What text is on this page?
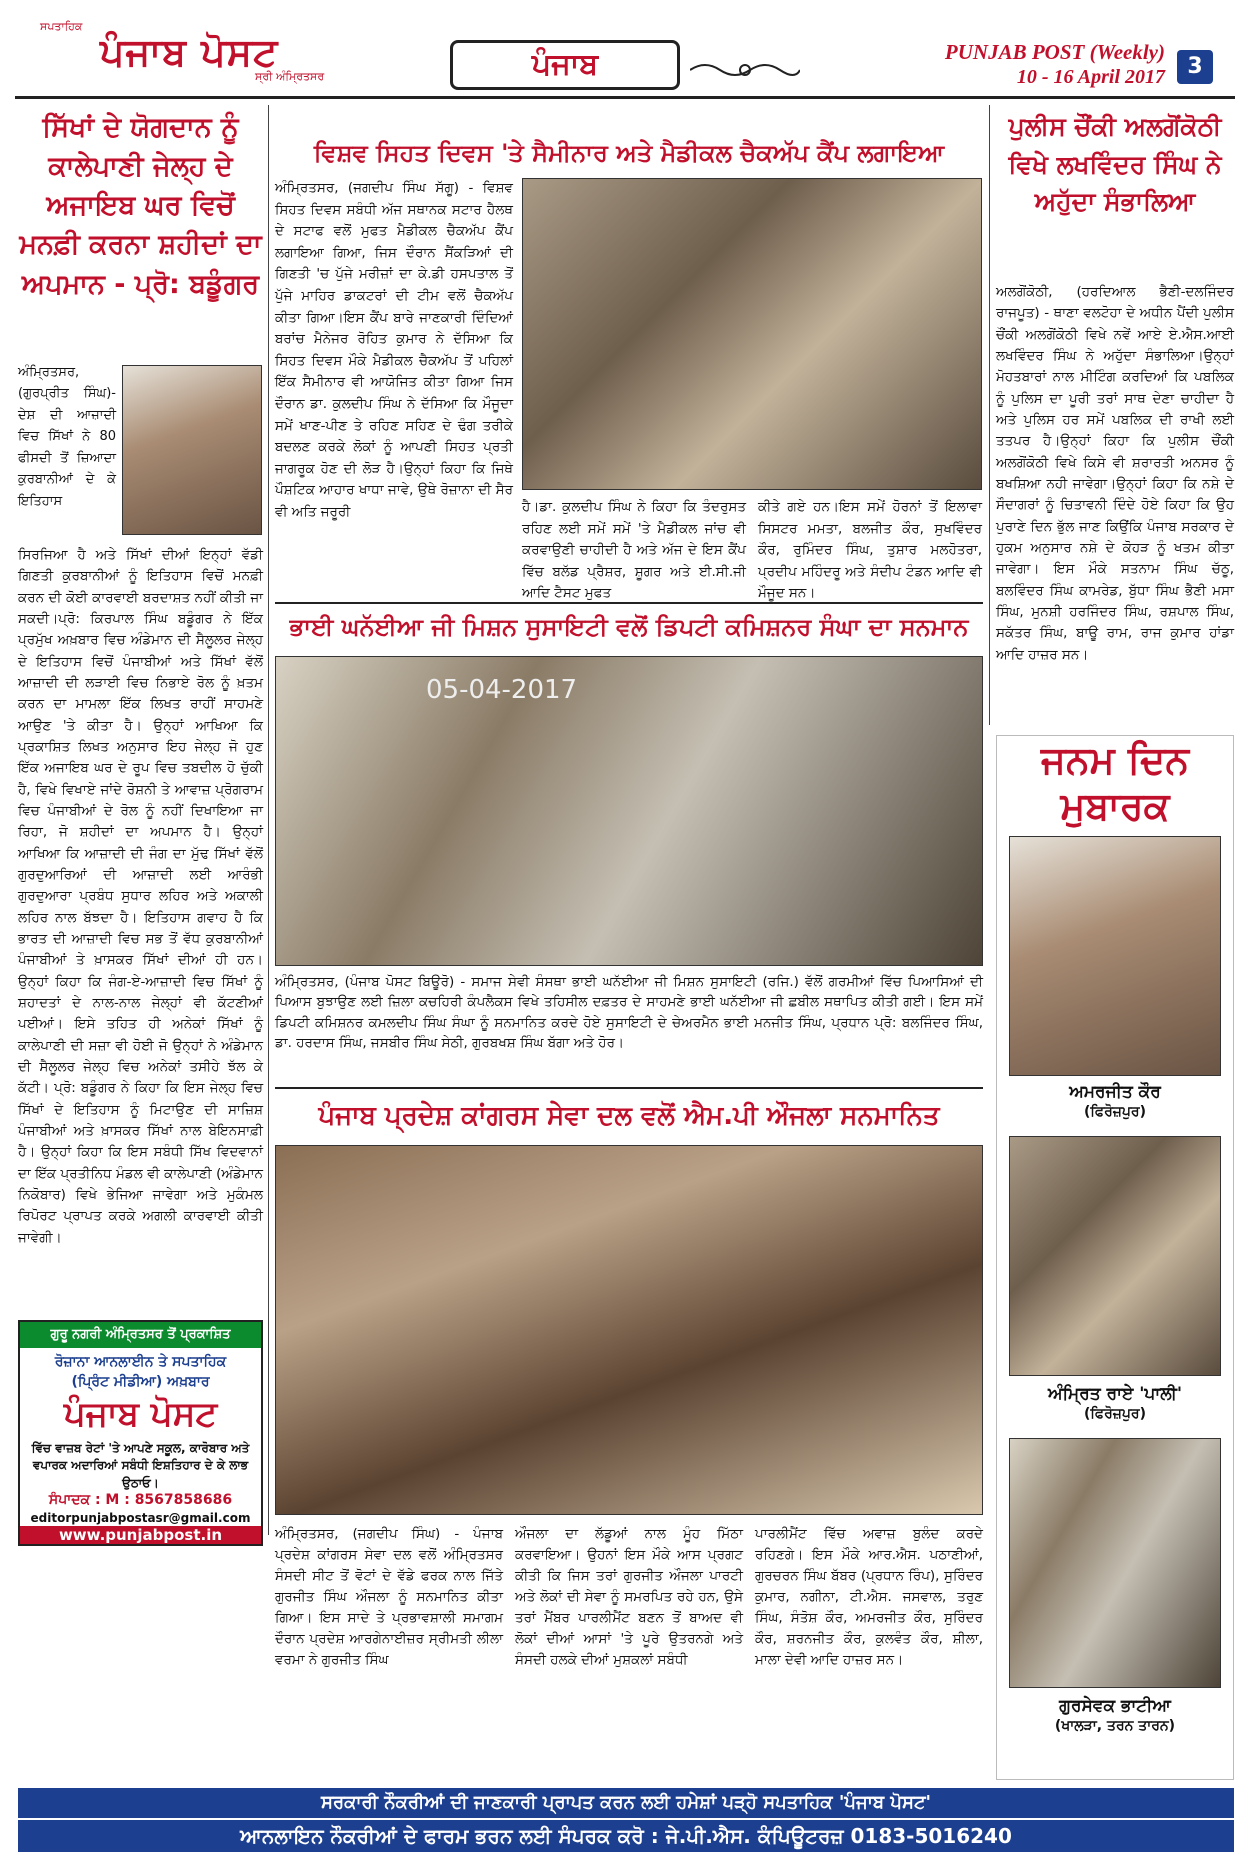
ਸਪਤਾਹਿਕ
ਪੰਜਾਬ ਪੋਸਟ
ਸ੍ਰੀ ਅੰਮ੍ਰਿਤਸਰ	ਪੰਜਾਬ	PUNJAB POST (Weekly)
10 - 16 April 2017	3
ਸਿੱਖਾਂ ਦੇ ਯੋਗਦਾਨ ਨੂੰ ਕਾਲੇਪਾਣੀ ਜੇਲ੍ਹ ਦੇ ਅਜਾਇਬ ਘਰ ਵਿਚੋਂ ਮਨਫ਼ੀ ਕਰਨਾ ਸ਼ਹੀਦਾਂ ਦਾ ਅਪਮਾਨ - ਪ੍ਰੋ: ਬਡੂੰਗਰ
ਅੰਮ੍ਰਿਤਸਰ, (ਗੁਰਪ੍ਰੀਤ ਸਿੰਘ)- ਦੇਸ਼ ਦੀ ਆਜ਼ਾਦੀ ਵਿਚ ਸਿੱਖਾਂ ਨੇ 80 ਫੀਸਦੀ ਤੋਂ ਜ਼ਿਆਦਾ ਕੁਰਬਾਨੀਆਂ ਦੇ ਕੇ ਇਤਿਹਾਸ
ਸਿਰਜਿਆ ਹੈ ਅਤੇ ਸਿੱਖਾਂ ਦੀਆਂ ਇਨ੍ਹਾਂ ਵੱਡੀ ਗਿਣਤੀ ਕੁਰਬਾਨੀਆਂ ਨੂੰ ਇਤਿਹਾਸ ਵਿਚੋਂ ਮਨਫ਼ੀ ਕਰਨ ਦੀ ਕੋਈ ਕਾਰਵਾਈ ਬਰਦਾਸ਼ਤ ਨਹੀਂ ਕੀਤੀ ਜਾ ਸਕਦੀ।ਪ੍ਰੋ: ਕਿਰਪਾਲ ਸਿੰਘ ਬਡੂੰਗਰ ਨੇ ਇੱਕ ਪ੍ਰਮੁੱਖ ਅਖ਼ਬਾਰ ਵਿਚ ਅੰਡੇਮਾਨ ਦੀ ਸੈਲੂਲਰ ਜੇਲ੍ਹ ਦੇ ਇਤਿਹਾਸ ਵਿਚੋਂ ਪੰਜਾਬੀਆਂ ਅਤੇ ਸਿੱਖਾਂ ਵੱਲੋਂ ਆਜ਼ਾਦੀ ਦੀ ਲੜਾਈ ਵਿਚ ਨਿਭਾਏ ਰੋਲ ਨੂੰ ਖ਼ਤਮ ਕਰਨ ਦਾ ਮਾਮਲਾ ਇੱਕ ਲਿਖਤ ਰਾਹੀਂ ਸਾਹਮਣੇ ਆਉਣ 'ਤੇ ਕੀਤਾ ਹੈ। ਉਨ੍ਹਾਂ ਆਖਿਆ ਕਿ ਪ੍ਰਕਾਸ਼ਿਤ ਲਿਖਤ ਅਨੁਸਾਰ ਇਹ ਜੇਲ੍ਹ ਜੋ ਹੁਣ ਇੱਕ ਅਜਾਇਬ ਘਰ ਦੇ ਰੂਪ ਵਿਚ ਤਬਦੀਲ ਹੋ ਚੁੱਕੀ ਹੈ, ਵਿਖੇ ਵਿਖਾਏ ਜਾਂਦੇ ਰੋਸ਼ਨੀ ਤੇ ਆਵਾਜ਼ ਪ੍ਰੋਗਰਾਮ ਵਿਚ ਪੰਜਾਬੀਆਂ ਦੇ ਰੋਲ ਨੂੰ ਨਹੀਂ ਦਿਖਾਇਆ ਜਾ ਰਿਹਾ, ਜੋ ਸ਼ਹੀਦਾਂ ਦਾ ਅਪਮਾਨ ਹੈ। ਉਨ੍ਹਾਂ ਆਖਿਆ ਕਿ ਆਜ਼ਾਦੀ ਦੀ ਜੰਗ ਦਾ ਮੁੱਢ ਸਿੱਖਾਂ ਵੱਲੋਂ ਗੁਰਦੁਆਰਿਆਂ ਦੀ ਆਜ਼ਾਦੀ ਲਈ ਆਰੰਭੀ ਗੁਰਦੁਆਰਾ ਪ੍ਰਬੰਧ ਸੁਧਾਰ ਲਹਿਰ ਅਤੇ ਅਕਾਲੀ ਲਹਿਰ ਨਾਲ ਬੱਝਦਾ ਹੈ। ਇਤਿਹਾਸ ਗਵਾਹ ਹੈ ਕਿ ਭਾਰਤ ਦੀ ਆਜ਼ਾਦੀ ਵਿਚ ਸਭ ਤੋਂ ਵੱਧ ਕੁਰਬਾਨੀਆਂ ਪੰਜਾਬੀਆਂ ਤੇ ਖ਼ਾਸਕਰ ਸਿੱਖਾਂ ਦੀਆਂ ਹੀ ਹਨ। ਉਨ੍ਹਾਂ ਕਿਹਾ ਕਿ ਜੰਗ-ਏ-ਆਜ਼ਾਦੀ ਵਿਚ ਸਿੱਖਾਂ ਨੂੰ ਸ਼ਹਾਦਤਾਂ ਦੇ ਨਾਲ-ਨਾਲ ਜੇਲ੍ਹਾਂ ਵੀ ਕੱਟਣੀਆਂ ਪਈਆਂ। ਇਸੇ ਤਹਿਤ ਹੀ ਅਨੇਕਾਂ ਸਿੱਖਾਂ ਨੂੰ ਕਾਲੇਪਾਣੀ ਦੀ ਸਜ਼ਾ ਵੀ ਹੋਈ ਜੋ ਉਨ੍ਹਾਂ ਨੇ ਅੰਡੇਮਾਨ ਦੀ ਸੈਲੂਲਰ ਜੇਲ੍ਹ ਵਿਚ ਅਨੇਕਾਂ ਤਸੀਹੇ ਝੱਲ ਕੇ ਕੱਟੀ। ਪ੍ਰੋ: ਬਡੂੰਗਰ ਨੇ ਕਿਹਾ ਕਿ ਇਸ ਜੇਲ੍ਹ ਵਿਚ ਸਿੱਖਾਂ ਦੇ ਇਤਿਹਾਸ ਨੂੰ ਮਿਟਾਉਣ ਦੀ ਸਾਜ਼ਿਸ਼ ਪੰਜਾਬੀਆਂ ਅਤੇ ਖ਼ਾਸਕਰ ਸਿੱਖਾਂ ਨਾਲ ਬੇਇਨਸਾਫ਼ੀ ਹੈ। ਉਨ੍ਹਾਂ ਕਿਹਾ ਕਿ ਇਸ ਸਬੰਧੀ ਸਿੱਖ ਵਿਦਵਾਨਾਂ ਦਾ ਇੱਕ ਪ੍ਰਤੀਨਿਧ ਮੰਡਲ ਵੀ ਕਾਲੇਪਾਣੀ (ਅੰਡੇਮਾਨ ਨਿਕੋਬਾਰ) ਵਿਖੇ ਭੇਜਿਆ ਜਾਵੇਗਾ ਅਤੇ ਮੁਕੰਮਲ ਰਿਪੋਰਟ ਪ੍ਰਾਪਤ ਕਰਕੇ ਅਗਲੀ ਕਾਰਵਾਈ ਕੀਤੀ ਜਾਵੇਗੀ।
ਗੁਰੂ ਨਗਰੀ ਅੰਮ੍ਰਿਤਸਰ ਤੋਂ ਪ੍ਰਕਾਸ਼ਿਤ
ਰੋਜ਼ਾਨਾ ਆਨਲਾਈਨ ਤੇ ਸਪਤਾਹਿਕ
(ਪ੍ਰਿੰਟ ਮੀਡੀਆ) ਅਖ਼ਬਾਰ
ਪੰਜਾਬ ਪੋਸਟ
ਵਿੱਚ ਵਾਜ਼ਬ ਰੇਟਾਂ 'ਤੇ ਆਪਣੇ ਸਕੂਲ, ਕਾਰੋਬਾਰ ਅਤੇ ਵਪਾਰਕ ਅਦਾਰਿਆਂ ਸਬੰਧੀ ਇਸ਼ਤਿਹਾਰ ਦੇ ਕੇ ਲਾਭ ਉਠਾਓ।
ਸੰਪਾਦਕ : M : 8567858686
editorpunjabpostasr@gmail.com
www.punjabpost.in
ਵਿਸ਼ਵ ਸਿਹਤ ਦਿਵਸ 'ਤੇ ਸੈਮੀਨਾਰ ਅਤੇ ਮੈਡੀਕਲ ਚੈਕਅੱਪ ਕੈਂਪ ਲਗਾਇਆ
ਅੰਮ੍ਰਿਤਸਰ, (ਜਗਦੀਪ ਸਿੰਘ ਸੱਗੂ) - ਵਿਸ਼ਵ ਸਿਹਤ ਦਿਵਸ ਸਬੰਧੀ ਅੱਜ ਸਥਾਨਕ ਸਟਾਰ ਹੈਲਥ ਦੇ ਸਟਾਫ ਵਲੋਂ ਮੁਫਤ ਮੈਡੀਕਲ ਚੈਕਅੱਪ ਕੈਂਪ ਲਗਾਇਆ ਗਿਆ, ਜਿਸ ਦੌਰਾਨ ਸੈਂਕੜਿਆਂ ਦੀ ਗਿਣਤੀ 'ਚ ਪੁੱਜੇ ਮਰੀਜ਼ਾਂ ਦਾ ਕੇ.ਡੀ ਹਸਪਤਾਲ ਤੋਂ ਪੁੱਜੇ ਮਾਹਿਰ ਡਾਕਟਰਾਂ ਦੀ ਟੀਮ ਵਲੋਂ ਚੈਕਅੱਪ ਕੀਤਾ ਗਿਆ।ਇਸ ਕੈਂਪ ਬਾਰੇ ਜਾਣਕਾਰੀ ਦਿੰਦਿਆਂ ਬਰਾਂਚ ਮੈਨੇਜਰ ਰੋਹਿਤ ਕੁਮਾਰ ਨੇ ਦੱਸਿਆ ਕਿ ਸਿਹਤ ਦਿਵਸ ਮੌਕੇ ਮੈਡੀਕਲ ਚੈਕਅੱਪ ਤੋਂ ਪਹਿਲਾਂ ਇੱਕ ਸੈਮੀਨਾਰ ਵੀ ਆਯੋਜਿਤ ਕੀਤਾ ਗਿਆ ਜਿਸ ਦੌਰਾਨ ਡਾ. ਕੁਲਦੀਪ ਸਿੰਘ ਨੇ ਦੱਸਿਆ ਕਿ ਮੌਜੂਦਾ ਸਮੇਂ ਖਾਣ-ਪੀਣ ਤੇ ਰਹਿਣ ਸਹਿਣ ਦੇ ਢੰਗ ਤਰੀਕੇ ਬਦਲਣ ਕਰਕੇ ਲੋਕਾਂ ਨੂੰ ਆਪਣੀ ਸਿਹਤ ਪ੍ਰਤੀ ਜਾਗਰੂਕ ਹੋਣ ਦੀ ਲੋੜ ਹੈ।ਉਨ੍ਹਾਂ ਕਿਹਾ ਕਿ ਜਿਥੇ ਪੌਸ਼ਟਿਕ ਆਹਾਰ ਖਾਧਾ ਜਾਵੇ, ਉਥੇ ਰੋਜ਼ਾਨਾ ਦੀ ਸੈਰ ਵੀ ਅਤਿ ਜਰੂਰੀ	ਹੈ।ਡਾ. ਕੁਲਦੀਪ ਸਿੰਘ ਨੇ ਕਿਹਾ ਕਿ ਤੰਦਰੁਸਤ ਰਹਿਣ ਲਈ ਸਮੇਂ ਸਮੇਂ 'ਤੇ ਮੈਡੀਕਲ ਜਾਂਚ ਵੀ ਕਰਵਾਉਣੀ ਚਾਹੀਦੀ ਹੈ ਅਤੇ ਅੱਜ ਦੇ ਇਸ ਕੈਂਪ ਵਿੱਚ ਬਲੱਡ ਪ੍ਰੈਸ਼ਰ, ਸ਼ੂਗਰ ਅਤੇ ਈ.ਸੀ.ਜੀ ਆਦਿ ਟੈਸਟ ਮੁਫਤ
ਕੀਤੇ ਗਏ ਹਨ।ਇਸ ਸਮੇਂ ਹੋਰਨਾਂ ਤੋਂ ਇਲਾਵਾ ਸਿਸਟਰ ਮਮਤਾ, ਬਲਜੀਤ ਕੌਰ, ਸੁਖਵਿੰਦਰ ਕੌਰ, ਰੁਮਿੰਦਰ ਸਿੰਘ, ਤੁਸ਼ਾਰ ਮਲਹੋਤਰਾ, ਪ੍ਰਦੀਪ ਮਹਿੰਦਰੂ ਅਤੇ ਸੰਦੀਪ ਟੰਡਨ ਆਦਿ ਵੀ ਮੌਜੂਦ ਸਨ।
ਭਾਈ ਘਨੱਈਆ ਜੀ ਮਿਸ਼ਨ ਸੁਸਾਇਟੀ ਵਲੋਂ ਡਿਪਟੀ ਕਮਿਸ਼ਨਰ ਸੰਘਾ ਦਾ ਸਨਮਾਨ
05-04-2017
ਅੰਮ੍ਰਿਤਸਰ, (ਪੰਜਾਬ ਪੋਸਟ ਬਿਊਰੋ) - ਸਮਾਜ ਸੇਵੀ ਸੰਸਥਾ ਭਾਈ ਘਨੱਈਆ ਜੀ ਮਿਸ਼ਨ ਸੁਸਾਇਟੀ (ਰਜਿ.) ਵੱਲੋਂ ਗਰਮੀਆਂ ਵਿੱਚ ਪਿਆਸਿਆਂ ਦੀ ਪਿਆਸ ਬੁਝਾਉਣ ਲਈ ਜ਼ਿਲਾ ਕਚਹਿਰੀ ਕੰਪਲੈਕਸ ਵਿਖੇ ਤਹਿਸੀਲ ਦਫ਼ਤਰ ਦੇ ਸਾਹਮਣੇ ਭਾਈ ਘਨੱਈਆ ਜੀ ਛਬੀਲ ਸਥਾਪਿਤ ਕੀਤੀ ਗਈ। ਇਸ ਸਮੇਂ ਡਿਪਟੀ ਕਮਿਸ਼ਨਰ ਕਮਲਦੀਪ ਸਿੰਘ ਸੰਘਾ ਨੂੰ ਸਨਮਾਨਿਤ ਕਰਦੇ ਹੋਏ ਸੁਸਾਇਟੀ ਦੇ ਚੇਅਰਮੈਨ ਭਾਈ ਮਨਜੀਤ ਸਿੰਘ, ਪ੍ਰਧਾਨ ਪ੍ਰੋ: ਬਲਜਿੰਦਰ ਸਿੰਘ, ਡਾ. ਹਰਦਾਸ ਸਿੰਘ, ਜਸਬੀਰ ਸਿੰਘ ਸੇਠੀ, ਗੁਰਬਖਸ਼ ਸਿੰਘ ਬੱਗਾ ਅਤੇ ਹੋਰ।
ਪੰਜਾਬ ਪ੍ਰਦੇਸ਼ ਕਾਂਗਰਸ ਸੇਵਾ ਦਲ ਵਲੋਂ ਐਮ.ਪੀ ਔਜਲਾ ਸਨਮਾਨਿਤ
ਅੰਮ੍ਰਿਤਸਰ, (ਜਗਦੀਪ ਸਿੰਘ) - ਪੰਜਾਬ ਪ੍ਰਦੇਸ਼ ਕਾਂਗਰਸ ਸੇਵਾ ਦਲ ਵਲੋਂ ਅੰਮ੍ਰਿਤਸਰ ਸੰਸਦੀ ਸੀਟ ਤੋਂ ਵੋਟਾਂ ਦੇ ਵੱਡੇ ਫਰਕ ਨਾਲ ਜਿੱਤੇ ਗੁਰਜੀਤ ਸਿੰਘ ਔਜਲਾ ਨੂੰ ਸਨਮਾਨਿਤ ਕੀਤਾ ਗਿਆ। ਇਸ ਸਾਦੇ ਤੇ ਪ੍ਰਭਾਵਸ਼ਾਲੀ ਸਮਾਗਮ ਦੌਰਾਨ ਪ੍ਰਦੇਸ਼ ਆਰਗੇਨਾਈਜ਼ਰ ਸ੍ਰੀਮਤੀ ਲੀਲਾ ਵਰਮਾ ਨੇ ਗੁਰਜੀਤ ਸਿੰਘ
ਔਜਲਾ ਦਾ ਲੱਡੂਆਂ ਨਾਲ ਮੂੰਹ ਮਿੱਠਾ ਕਰਵਾਇਆ। ਉਹਨਾਂ ਇਸ ਮੌਕੇ ਆਸ ਪ੍ਰਗਟ ਕੀਤੀ ਕਿ ਜਿਸ ਤਰਾਂ ਗੁਰਜੀਤ ਔਜਲਾ ਪਾਰਟੀ ਅਤੇ ਲੋਕਾਂ ਦੀ ਸੇਵਾ ਨੂੰ ਸਮਰਪਿਤ ਰਹੇ ਹਨ, ਉਸੇ ਤਰਾਂ ਮੈਂਬਰ ਪਾਰਲੀਮੈਂਟ ਬਣਨ ਤੋਂ ਬਾਅਦ ਵੀ ਲੋਕਾਂ ਦੀਆਂ ਆਸਾਂ 'ਤੇ ਪੂਰੇ ਉਤਰਨਗੇ ਅਤੇ ਸੰਸਦੀ ਹਲਕੇ ਦੀਆਂ ਮੁਸ਼ਕਲਾਂ ਸਬੰਧੀ
ਪਾਰਲੀਮੈਂਟ ਵਿੱਚ ਅਵਾਜ਼ ਬੁਲੰਦ ਕਰਦੇ ਰਹਿਣਗੇ। ਇਸ ਮੌਕੇ ਆਰ.ਐਸ. ਪਠਾਣੀਆਂ, ਗੁਰਚਰਨ ਸਿੰਘ ਬੱਬਰ (ਪ੍ਰਧਾਨ ਰਿੰਪ), ਸੁਰਿੰਦਰ ਕੁਮਾਰ, ਨਗੀਨਾ, ਟੀ.ਐਸ. ਜਸਵਾਲ, ਤਰੁਣ ਸਿੰਘ, ਸੰਤੋਸ਼ ਕੌਰ, ਅਮਰਜੀਤ ਕੌਰ, ਸੁਰਿੰਦਰ ਕੌਰ, ਸ਼ਰਨਜੀਤ ਕੌਰ, ਕੁਲਵੰਤ ਕੌਰ, ਸ਼ੀਲਾ, ਮਾਲਾ ਦੇਵੀ ਆਦਿ ਹਾਜ਼ਰ ਸਨ।
ਪੁਲੀਸ ਚੌਂਕੀ ਅਲਗੋਂਕੋਠੀ ਵਿਖੇ ਲਖਵਿੰਦਰ ਸਿੰਘ ਨੇ ਅਹੁੱਦਾ ਸੰਭਾਲਿਆ
ਅਲਗੋਂਕੋਠੀ, (ਹਰਦਿਆਲ ਭੈਣੀ-ਦਲਜਿੰਦਰ ਰਾਜਪੂਤ) - ਥਾਣਾ ਵਲਟੋਹਾ ਦੇ ਅਧੀਨ ਪੈਂਦੀ ਪੁਲੀਸ ਚੌਂਕੀ ਅਲਗੋਂਕੋਠੀ ਵਿਖੇ ਨਵੇਂ ਆਏ ਏ.ਐਸ.ਆਈ ਲਖਵਿੰਦਰ ਸਿੰਘ ਨੇ ਅਹੁੱਦਾ ਸੰਭਾਲਿਆ।ਉਨ੍ਹਾਂ ਮੋਹਤਬਾਰਾਂ ਨਾਲ ਮੀਟਿੰਗ ਕਰਦਿਆਂ ਕਿ ਪਬਲਿਕ ਨੂੰ ਪੁਲਿਸ ਦਾ ਪੂਰੀ ਤਰਾਂ ਸਾਥ ਦੇਣਾ ਚਾਹੀਦਾ ਹੈ ਅਤੇ ਪੁਲਿਸ ਹਰ ਸਮੇਂ ਪਬਲਿਕ ਦੀ ਰਾਖੀ ਲਈ ਤਤਪਰ ਹੈ।ਉਨ੍ਹਾਂ ਕਿਹਾ ਕਿ ਪੁਲੀਸ ਚੌਂਕੀ ਅਲਗੋਂਕੋਠੀ ਵਿਖੇ ਕਿਸੇ ਵੀ ਸ਼ਰਾਰਤੀ ਅਨਸਰ ਨੂੰ ਬਖਸ਼ਿਆ ਨਹੀ ਜਾਵੇਗਾ।ਉਨ੍ਹਾਂ ਕਿਹਾ ਕਿ ਨਸ਼ੇ ਦੇ ਸੌਦਾਗਰਾਂ ਨੂੰ ਚਿਤਾਵਨੀ ਦਿੰਦੇ ਹੋਏ ਕਿਹਾ ਕਿ ਉਹ ਪੁਰਾਣੇ ਦਿਨ ਭੁੱਲ ਜਾਣ ਕਿਉਂਕਿ ਪੰਜਾਬ ਸਰਕਾਰ ਦੇ ਹੁਕਮ ਅਨੁਸਾਰ ਨਸ਼ੇ ਦੇ ਕੋਹੜ ਨੂੰ ਖਤਮ ਕੀਤਾ ਜਾਵੇਗਾ। ਇਸ ਮੌਕੇ ਸਤਨਾਮ ਸਿੰਘ ਚੱਠੂ, ਬਲਵਿੰਦਰ ਸਿੰਘ ਕਾਮਰੇਡ, ਬੁੱਧਾ ਸਿੰਘ ਭੈਣੀ ਮਸਾ ਸਿੰਘ, ਮੁਨਸ਼ੀ ਹਰਜਿੰਦਰ ਸਿੰਘ, ਰਸ਼ਪਾਲ ਸਿੰਘ, ਸਕੱਤਰ ਸਿੰਘ, ਬਾਊ ਰਾਮ, ਰਾਜ ਕੁਮਾਰ ਹਾਂਡਾ ਆਦਿ ਹਾਜ਼ਰ ਸਨ।
ਜਨਮ ਦਿਨ ਮੁਬਾਰਕ
ਅਮਰਜੀਤ ਕੌਰ
(ਫਿਰੋਜ਼ਪੁਰ)
ਅੰਮ੍ਰਿਤ ਰਾਏ 'ਪਾਲੀ'
(ਫਿਰੋਜ਼ਪੁਰ)
ਗੁਰਸੇਵਕ ਭਾਟੀਆ
(ਖਾਲੜਾ, ਤਰਨ ਤਾਰਨ)
ਸਰਕਾਰੀ ਨੌਕਰੀਆਂ ਦੀ ਜਾਣਕਾਰੀ ਪ੍ਰਾਪਤ ਕਰਨ ਲਈ ਹਮੇਸ਼ਾਂ ਪੜ੍ਹੋ ਸਪਤਾਹਿਕ 'ਪੰਜਾਬ ਪੋਸਟ'
ਆਨਲਾਇਨ ਨੌਕਰੀਆਂ ਦੇ ਫਾਰਮ ਭਰਨ ਲਈ ਸੰਪਰਕ ਕਰੋ : ਜੇ.ਪੀ.ਐਸ. ਕੰਪਿਊਟਰਜ਼ 0183-5016240
